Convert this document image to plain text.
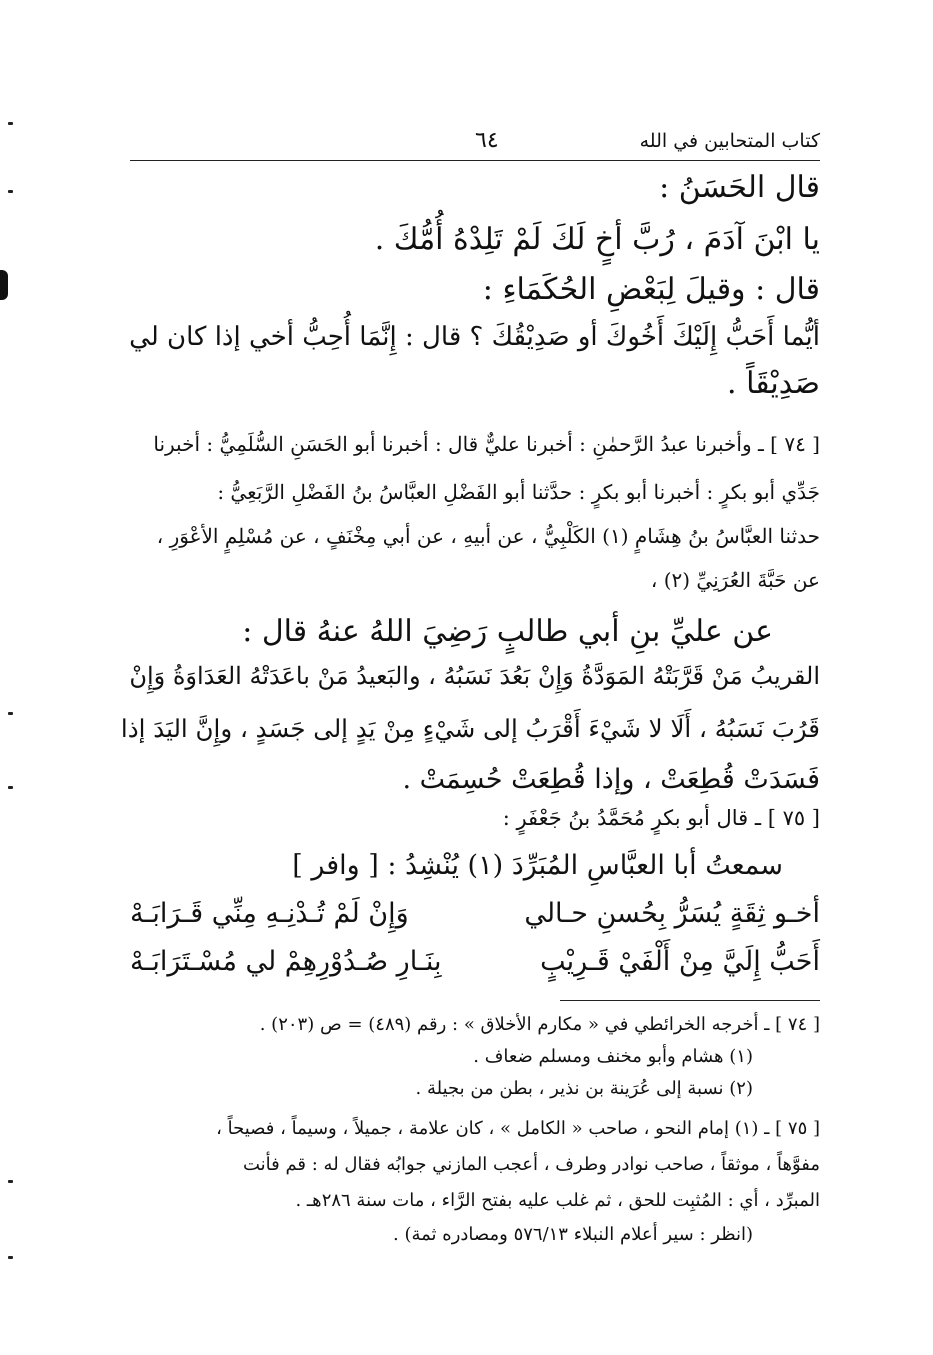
كتاب المتحابين في الله
٦٤
قال الحَسَنُ :
يا ابْنَ آدَمَ ، رُبَّ أخٍ لَكَ لَمْ تَلِدْهُ أُمُّكَ .
قال : وقيلَ لِبَعْضِ الحُكَمَاءِ :
أيُّما أَحَبُّ إِلَيْكَ أَخُوكَ أو صَدِيْقُكَ ؟ قال : إِنَّمَا أُحِبُّ أخي إذا كان لي
صَدِيْقَاً .
[ ٧٤ ] ـ وأخبرنا عبدُ الرَّحمٰنِ : أخبرنا عليٌّ قال : أخبرنا أبو الحَسَنِ السُّلَمِيُّ : أخبرنا
جَدِّي أبو بكرٍ : أخبرنا أبو بكرٍ : حدَّثنا أبو الفَضْلِ العبَّاسُ بنُ الفَضْلِ الرَّبَعِيُّ :
حدثنا العبَّاسُ بنُ هِشَامٍ (١) الكَلْبِيُّ ، عن أبيهِ ، عن أبي مِخْنَفٍ ، عن مُسْلِمٍ الأعْوَرِ ،
عن حَبَّةَ العُرَنِيِّ (٢) ،
عن عليِّ بنِ أبي طالبٍ رَضِيَ اللهُ عنهُ قال :
القريبُ مَنْ قَرَّبَتْهُ المَوَدَّةُ وَإِنْ بَعُدَ نَسَبُهُ ، والبَعيدُ مَنْ باعَدَتْهُ العَدَاوَةُ وَإِنْ
قَرُبَ نَسَبُهُ ، أَلَا لا شَيْءَ أَقْرَبُ إلى شَيْءٍ مِنْ يَدٍ إلى جَسَدٍ ، وإِنَّ اليَدَ إذا
فَسَدَتْ قُطِعَتْ ، وإذا قُطِعَتْ حُسِمَتْ .
[ ٧٥ ] ـ قال أبو بكرٍ مُحَمَّدُ بنُ جَعْفَرٍ :
سمعتُ أبا العبَّاسِ المُبَرِّدَ (١) يُنْشِدُ : [ وافر ]
أخـو ثِقَةٍ يُسَرُّ بِحُسنِ حـالي
وَإِنْ لَمْ تُـدْنِـهِ مِنِّي قَـرَابَـهْ
أَحَبُّ إِلَيَّ مِنْ أَلْفَيْ قَـرِيْبٍ
بِنَـارِ صُـدُوْرِهِمْ لي مُسْـتَرَابَـهْ
[ ٧٤ ] ـ أخرجه الخرائطي في « مكارم الأخلاق » : رقم (٤٨٩) = ص (٢٠٣) .
(١) هشام وأبو مخنف ومسلم ضعاف .
(٢) نسبة إلى عُرَينة بن نذير ، بطن من بجيلة .
[ ٧٥ ] ـ (١) إمام النحو ، صاحب « الكامل » ، كان علامة ، جميلاً ، وسيماً ، فصيحاً ،
مفوَّهاً ، موثقاً ، صاحب نوادر وطرف ، أعجب المازني جوابُه فقال له : قم فأنت
المبرِّد ، أي : المُثبِت للحق ، ثم غلب عليه بفتح الرَّاء ، مات سنة ٢٨٦هـ .
(انظر : سير أعلام النبلاء ٥٧٦/١٣ ومصادره ثمة) .
